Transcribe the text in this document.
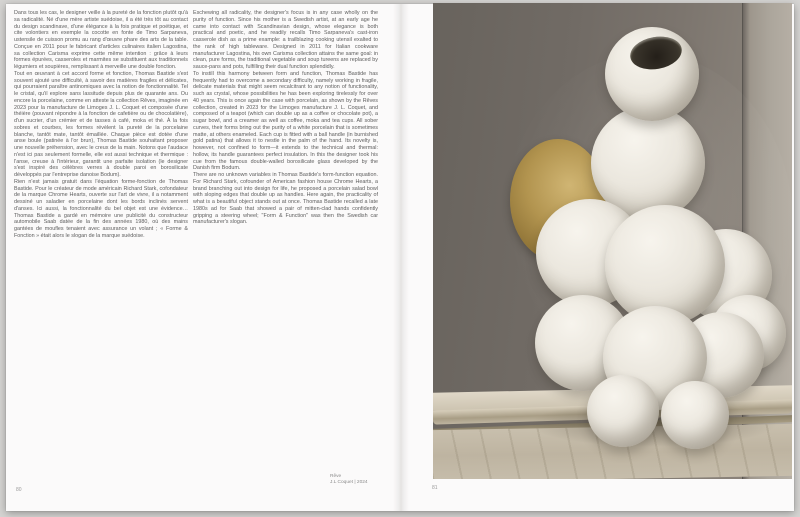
Dans tous les cas, le designer veille à la pureté de la fonction plutôt qu'à sa radicalité. Né d'une mère artiste suédoise, il a été très tôt au contact du design scandinave, d'une élégance à la fois pratique et poétique, et cite volontiers en exemple la cocotte en fonte de Timo Sarpaneva, ustensile de cuisson promu au rang d'œuvre phare des arts de la table. Conçue en 2011 pour le fabricant d'articles culinaires italien Lagostina, sa collection Carisma exprime cette même intention : grâce à leurs formes épurées, casseroles et marmites se substituent aux traditionnels légumiers et soupières, remplissant à merveille une double fonction.

Tout en œuvrant à cet accord forme et fonction, Thomas Bastide s'est souvent ajouté une difficulté, à savoir des matières fragiles et délicates, qui pourraient paraître antinomiques avec la notion de fonctionnalité. Tel le cristal, qu'il explore sans lassitude depuis plus de quarante ans. Ou encore la porcelaine, comme en atteste la collection Rêves, imaginée en 2023 pour la manufacture de Limoges J. L. Coquet et composée d'une théière (pouvant répondre à la fonction de cafetière ou de chocolatière), d'un sucrier, d'un crémier et de tasses à café, moka et thé. À la fois sobres et courbes, les formes révèlent la pureté de la porcelaine blanche, tantôt mate, tantôt émaillée. Chaque pièce est dotée d'une anse boule (patinée à l'or brun), Thomas Bastide souhaitant proposer une nouvelle préhension, avec le creux de la main. Notons que l'audace n'est ici pas seulement formelle, elle est aussi technique et thermique : l'anse, creuse à l'intérieur, garantit une parfaite isolation (le designer s'est inspiré des célèbres verres à double paroi en borosilicate développés par l'entreprise danoise Bodum).

Rien n'est jamais gratuit dans l'équation forme-fonction de Thomas Bastide. Pour le créateur de mode américain Richard Stark, cofondateur de la marque Chrome Hearts, ouverte sur l'art de vivre, il a notamment dessiné un saladier en porcelaine dont les bords inclinés servent d'anses. Ici aussi, la fonctionnalité du bel objet est une évidence… Thomas Bastide a gardé en mémoire une publicité du constructeur automobile Saab datée de la fin des années 1980, où des mains gantées de moufles tenaient avec assurance un volant ; « Forme & Fonction » était alors le slogan de la marque suédoise.

Eschewing all radicality, the designer's focus is in any case wholly on the purity of function. Since his mother is a Swedish artist, at an early age he came into contact with Scandinavian design, whose elegance is both practical and poetic, and he readily recalls Timo Sarpaneva's cast-iron casserole dish as a prime example: a trailblazing cooking utensil exalted to the rank of high tableware. Designed in 2011 for Italian cookware manufacturer Lagostina, his own Carisma collection attains the same goal: in clean, pure forms, the traditional vegetable and soup tureens are replaced by sauce-pans and pots, fulfilling their dual function splendidly.

To instill this harmony between form and function, Thomas Bastide has frequently had to overcome a secondary difficulty, namely working in fragile, delicate materials that might seem recalcitrant to any notion of functionality, such as crystal, whose possibilities he has been exploring tirelessly for over 40 years. This is once again the case with porcelain, as shown by the Rêves collection, created in 2023 for the Limoges manufacture J. L. Coquet, and composed of a teapot (which can double up as a coffee or chocolate pot), a sugar bowl, and a creamer as well as coffee, moka and tea cups. All sober curves, their forms bring out the purity of a white porcelain that is sometimes matte, at others enameled. Each cup is fitted with a ball handle (in burnished gold patina) that allows it to nestle in the palm of the hand. Its novelty is, however, not confined to form—it extends to the technical and thermal: hollow, its handle guarantees perfect insulation. In this the designer took his cue from the famous double-walled borosilicate glass developed by the Danish firm Bodum.

There are no unknown variables in Thomas Bastide's form-function equation. For Richard Stark, cofounder of American fashion house Chrome Hearts, a brand branching out into design for life, he proposed a porcelain salad bowl with sloping edges that double up as handles. Here again, the practicality of what is a beautiful object stands out at once. Thomas Bastide recalled a late 1980s ad for Saab that showed a pair of mitten-clad hands confidently gripping a steering wheel; "Form & Function" was then the Swedish car manufacturer's slogan.

Rêve
J.L Coquet | 2024
80	81
